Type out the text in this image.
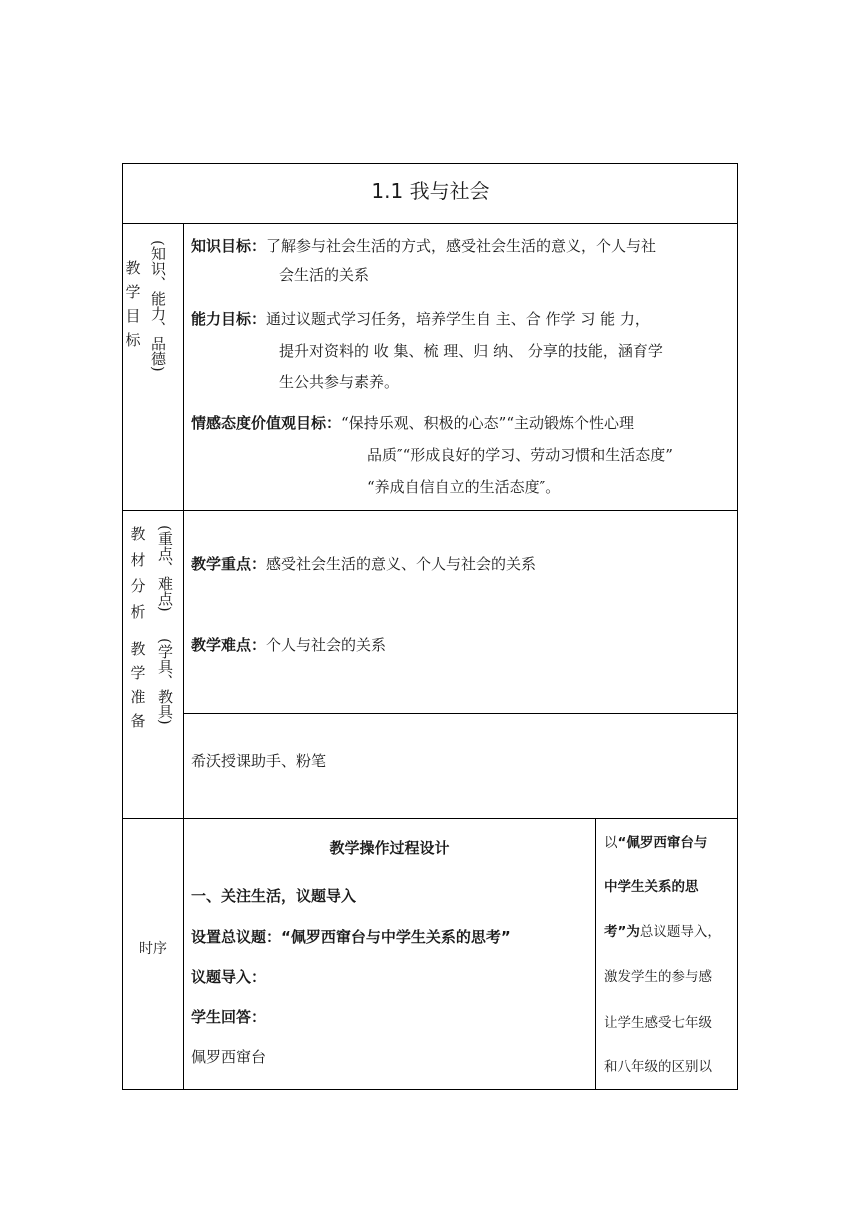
1.1 我与社会
教学目标 (知识、能力、品德) 知识目标：了解参与社会生活的方式，感受社会生活的意义，个人与社
会生活的关系
能力目标：通过议题式学习任务，培养学生自 主、合 作学 习 能 力，
提升对资料的 收 集、梳 理、归 纳、 分享的技能，涵育学
生公共参与素养。
情感态度价值观目标：“保持乐观、积极的心态”“主动锻炼个性心理
品质″“形成良好的学习、劳动习惯和生活态度”
“养成自信自立的生活态度″。
教材分析
(重点、难点)
教学准备 (学具、教具)
教学重点：感受社会生活的意义、个人与社会的关系
教学难点：个人与社会的关系
希沃授课助手、粉笔
时序
教学操作过程设计
一、关注生活，议题导入
设置总议题：“佩罗西窜台与中学生关系的思考”
议题导入：
学生回答：
佩罗西窜台
以“佩罗西窜台与
中学生关系的思
考”为总议题导入，
激发学生的参与感
让学生感受七年级
和八年级的区别以
